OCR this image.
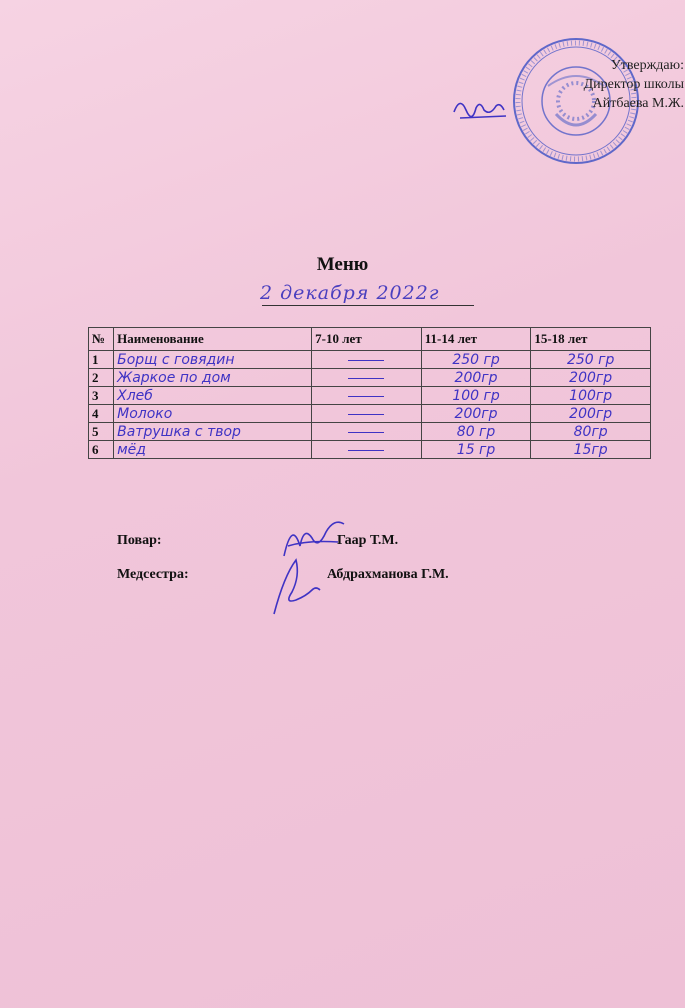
Утверждаю:
Директор школы
Айтбаева М.Ж.
Меню
2 декабря 2022г
№	Наименование	7-10 лет	11-14 лет	15-18 лет
1	Борщ с говядин		250 гр	250 гр
2	Жаркое по дом		200гр	200гр
3	Хлеб		100 гр	100гр
4	Молоко		200гр	200гр
5	Ватрушка с твор		80 гр	80гр
6	мёд		15 гр	15гр
Повар:	Гаар Т.М.
Медсестра:	Абдрахманова Г.М.
